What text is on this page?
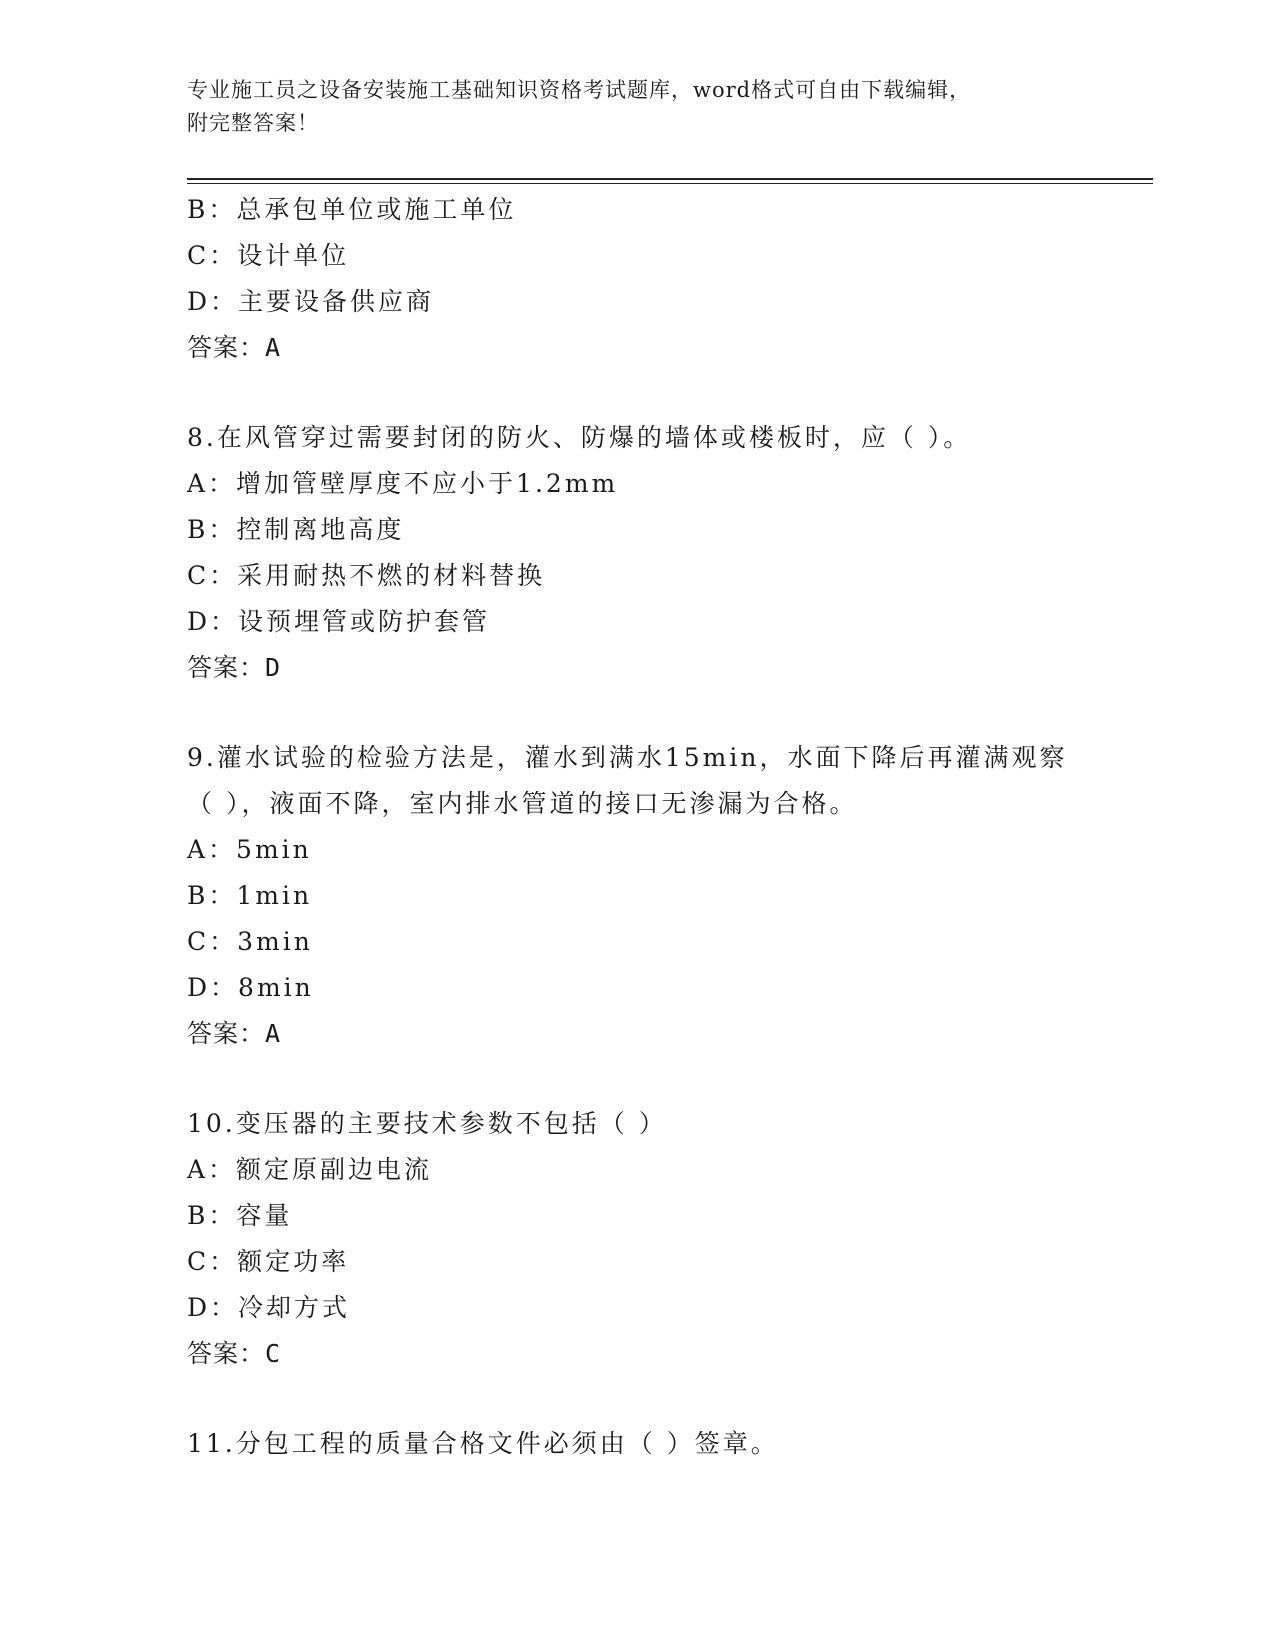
专业施工员之设备安装施工基础知识资格考试题库，word格式可自由下载编辑，
附完整答案！
B：总承包单位或施工单位
C：设计单位
D：主要设备供应商
答案：A
8.在风管穿过需要封闭的防火、防爆的墙体或楼板时，应（ ）。
A：增加管壁厚度不应小于1.2mm
B：控制离地高度
C：采用耐热不燃的材料替换
D：设预埋管或防护套管
答案：D
9.灌水试验的检验方法是，灌水到满水15min，水面下降后再灌满观察
（ ），液面不降，室内排水管道的接口无渗漏为合格。
A：5min
B：1min
C：3min
D：8min
答案：A
10.变压器的主要技术参数不包括（ ）
A：额定原副边电流
B：容量
C：额定功率
D：冷却方式
答案：C
11.分包工程的质量合格文件必须由（ ）签章。
